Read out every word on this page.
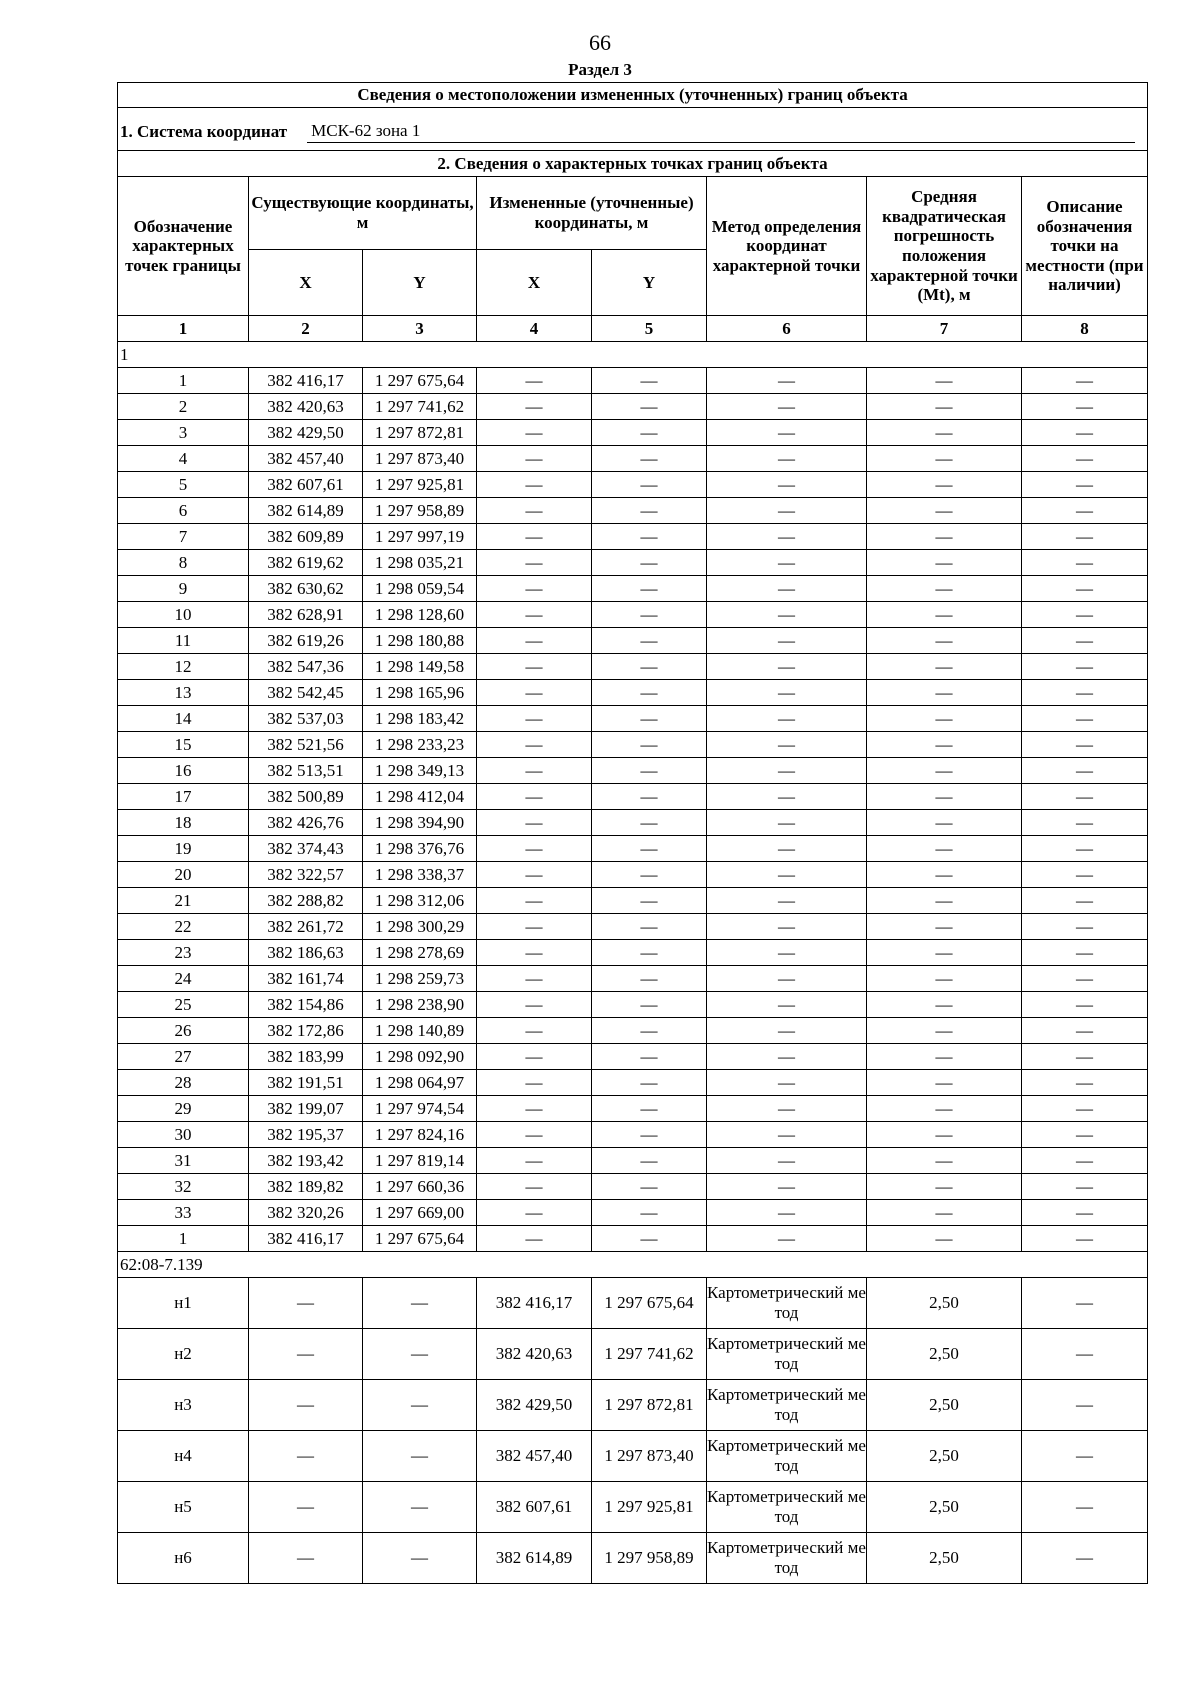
66
Раздел 3
Сведения о местоположении измененных (уточненных) границ объекта							

1. Система координат МСК-62 зона 1							

2. Сведения о характерных точках границ объекта							
Обозначение характерных точек границы	Существующие координаты, м		Измененные (уточненные) координаты, м		Метод определения координат характерной точки	Средняя квадратическая погрешность положения характерной точки (Mt), м	Описание обозначения точки на местности (при наличии)
	X	Y	X	Y			
1	2	3	4	5	6	7	8
1							
1	382 416,17	1 297 675,64	—	—	—	—	—
2	382 420,63	1 297 741,62	—	—	—	—	—
3	382 429,50	1 297 872,81	—	—	—	—	—
4	382 457,40	1 297 873,40	—	—	—	—	—
5	382 607,61	1 297 925,81	—	—	—	—	—
6	382 614,89	1 297 958,89	—	—	—	—	—
7	382 609,89	1 297 997,19	—	—	—	—	—
8	382 619,62	1 298 035,21	—	—	—	—	—
9	382 630,62	1 298 059,54	—	—	—	—	—
10	382 628,91	1 298 128,60	—	—	—	—	—
11	382 619,26	1 298 180,88	—	—	—	—	—
12	382 547,36	1 298 149,58	—	—	—	—	—
13	382 542,45	1 298 165,96	—	—	—	—	—
14	382 537,03	1 298 183,42	—	—	—	—	—
15	382 521,56	1 298 233,23	—	—	—	—	—
16	382 513,51	1 298 349,13	—	—	—	—	—
17	382 500,89	1 298 412,04	—	—	—	—	—
18	382 426,76	1 298 394,90	—	—	—	—	—
19	382 374,43	1 298 376,76	—	—	—	—	—
20	382 322,57	1 298 338,37	—	—	—	—	—
21	382 288,82	1 298 312,06	—	—	—	—	—
22	382 261,72	1 298 300,29	—	—	—	—	—
23	382 186,63	1 298 278,69	—	—	—	—	—
24	382 161,74	1 298 259,73	—	—	—	—	—
25	382 154,86	1 298 238,90	—	—	—	—	—
26	382 172,86	1 298 140,89	—	—	—	—	—
27	382 183,99	1 298 092,90	—	—	—	—	—
28	382 191,51	1 298 064,97	—	—	—	—	—
29	382 199,07	1 297 974,54	—	—	—	—	—
30	382 195,37	1 297 824,16	—	—	—	—	—
31	382 193,42	1 297 819,14	—	—	—	—	—
32	382 189,82	1 297 660,36	—	—	—	—	—
33	382 320,26	1 297 669,00	—	—	—	—	—
1	382 416,17	1 297 675,64	—	—	—	—	—
62:08-7.139							
н1	—	—	382 416,17	1 297 675,64	Картометрический метод	2,50	—
н2	—	—	382 420,63	1 297 741,62	Картометрический метод	2,50	—
н3	—	—	382 429,50	1 297 872,81	Картометрический метод	2,50	—
н4	—	—	382 457,40	1 297 873,40	Картометрический метод	2,50	—
н5	—	—	382 607,61	1 297 925,81	Картометрический метод	2,50	—
н6	—	—	382 614,89	1 297 958,89	Картометрический метод	2,50	—
